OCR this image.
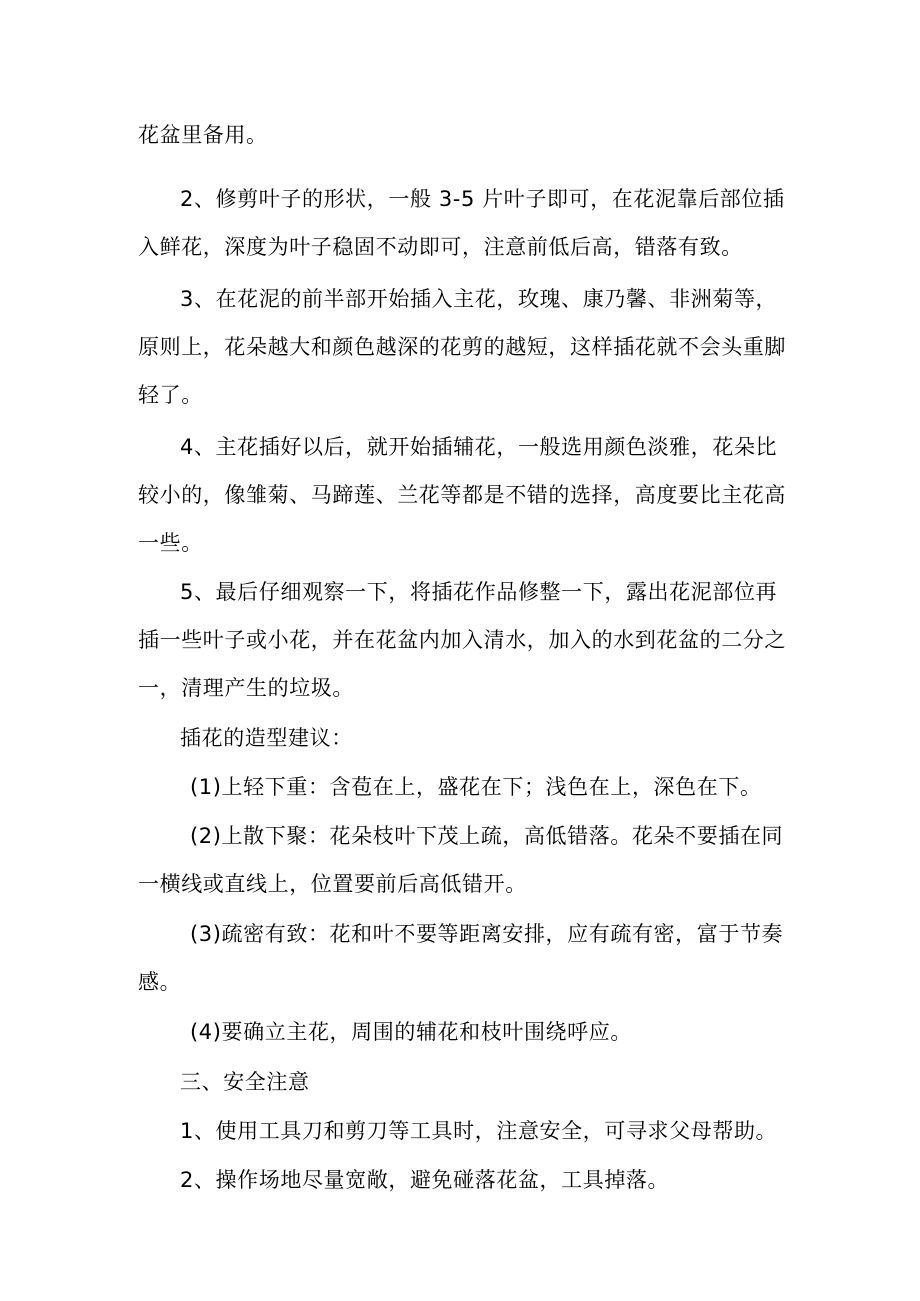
花盆里备用。
2、修剪叶子的形状，一般 3-5 片叶子即可，在花泥靠后部位插
入鲜花，深度为叶子稳固不动即可，注意前低后高，错落有致。
3、在花泥的前半部开始插入主花，玫瑰、康乃馨、非洲菊等，
原则上，花朵越大和颜色越深的花剪的越短，这样插花就不会头重脚
轻了。
4、主花插好以后，就开始插辅花，一般选用颜色淡雅，花朵比
较小的，像雏菊、马蹄莲、兰花等都是不错的选择，高度要比主花高
一些。
5、最后仔细观察一下，将插花作品修整一下，露出花泥部位再
插一些叶子或小花，并在花盆内加入清水，加入的水到花盆的二分之
一，清理产生的垃圾。
插花的造型建议：
(1)上轻下重：含苞在上，盛花在下；浅色在上，深色在下。
(2)上散下聚：花朵枝叶下茂上疏，高低错落。花朵不要插在同
一横线或直线上，位置要前后高低错开。
(3)疏密有致：花和叶不要等距离安排，应有疏有密，富于节奏
感。
(4)要确立主花，周围的辅花和枝叶围绕呼应。
三、安全注意
1、使用工具刀和剪刀等工具时，注意安全，可寻求父母帮助。
2、操作场地尽量宽敞，避免碰落花盆，工具掉落。
